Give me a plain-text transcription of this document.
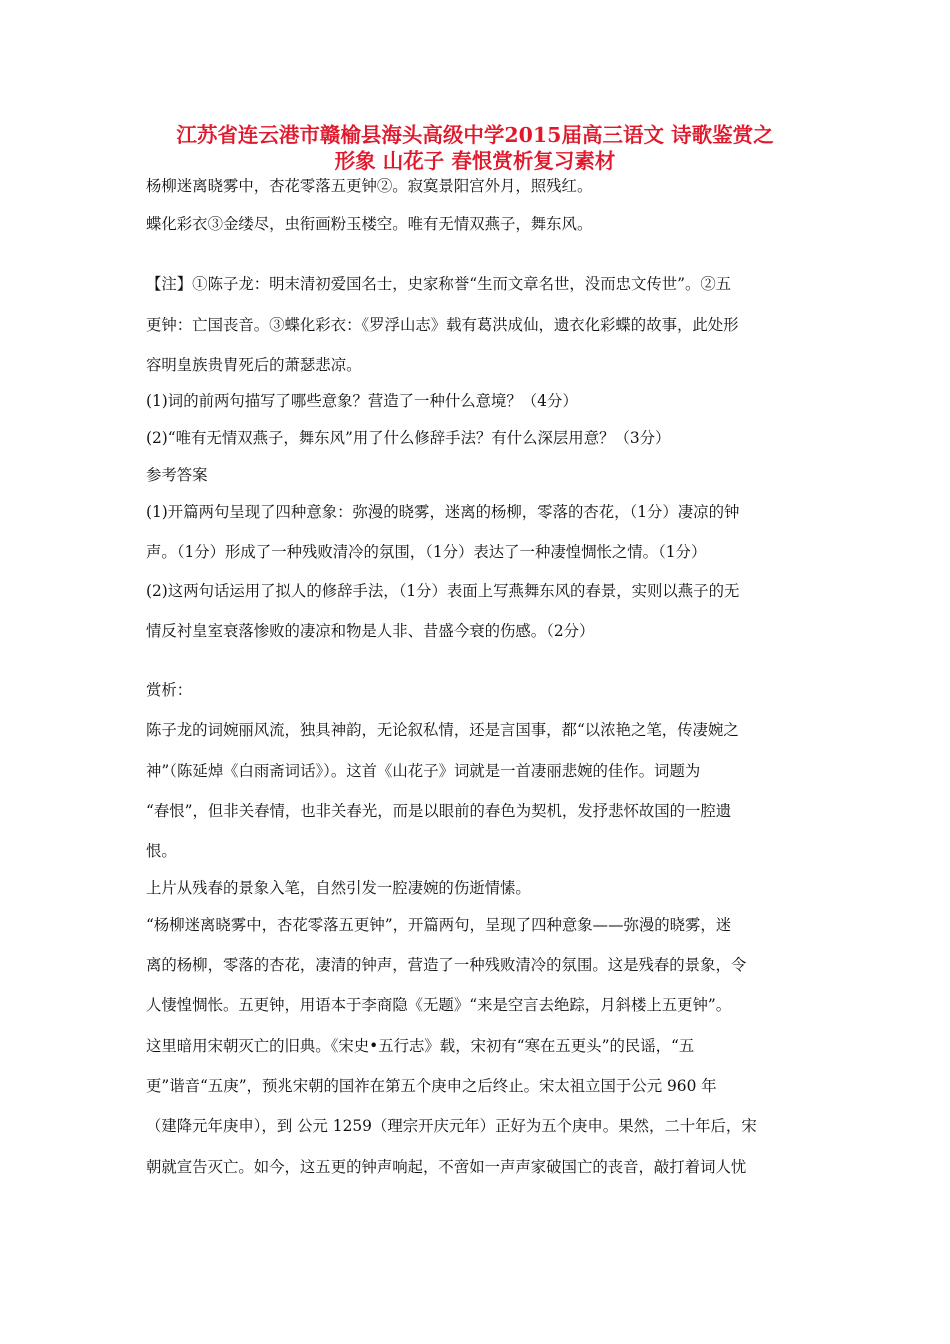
江苏省连云港市赣榆县海头高级中学2015届高三语文 诗歌鉴赏之
形象 山花子 春恨赏析复习素材
杨柳迷离晓雾中，杏花零落五更钟②。寂寞景阳宫外月，照残红。
蝶化彩衣③金缕尽，虫衔画粉玉楼空。唯有无情双燕子，舞东风。
【注】①陈子龙：明末清初爱国名士，史家称誉“生而文章名世，没而忠文传世”。②五
更钟：亡国丧音。③蝶化彩衣：《罗浮山志》载有葛洪成仙，遗衣化彩蝶的故事，此处形
容明皇族贵胄死后的萧瑟悲凉。
(1)词的前两句描写了哪些意象？营造了一种什么意境？（4分）
(2)“唯有无情双燕子，舞东风”用了什么修辞手法？有什么深层用意？（3分）
参考答案
(1)开篇两句呈现了四种意象：弥漫的晓雾，迷离的杨柳，零落的杏花，（1分）凄凉的钟
声。（1分）形成了一种残败清冷的氛围，（1分）表达了一种凄惶惆怅之情。（1分）
(2)这两句话运用了拟人的修辞手法，（1分）表面上写燕舞东风的春景，实则以燕子的无
情反衬皇室衰落惨败的凄凉和物是人非、昔盛今衰的伤感。（2分）
赏析：
陈子龙的词婉丽风流，独具神韵，无论叙私情，还是言国事，都“以浓艳之笔，传凄婉之
神”（陈延焯《白雨斋词话》）。这首《山花子》词就是一首凄丽悲婉的佳作。词题为
“春恨”，但非关春情，也非关春光，而是以眼前的春色为契机，发抒悲怀故国的一腔遗
恨。
上片从残春的景象入笔，自然引发一腔凄婉的伤逝情愫。
“杨柳迷离晓雾中，杏花零落五更钟”，开篇两句，呈现了四种意象——弥漫的晓雾，迷
离的杨柳，零落的杏花，凄清的钟声，营造了一种残败清冷的氛围。这是残春的景象，令
人悽惶惆怅。五更钟，用语本于李商隐《无题》“来是空言去绝踪，月斜楼上五更钟”。
这里暗用宋朝灭亡的旧典。《宋史•五行志》载，宋初有“寒在五更头”的民谣，“五
更”谐音“五庚”，预兆宋朝的国祚在第五个庚申之后终止。宋太祖立国于公元 960 年
（建降元年庚申），到 公元 1259（理宗开庆元年）正好为五个庚申。果然，二十年后，宋
朝就宣告灭亡。如今，这五更的钟声响起，不啻如一声声家破国亡的丧音，敲打着词人忧
